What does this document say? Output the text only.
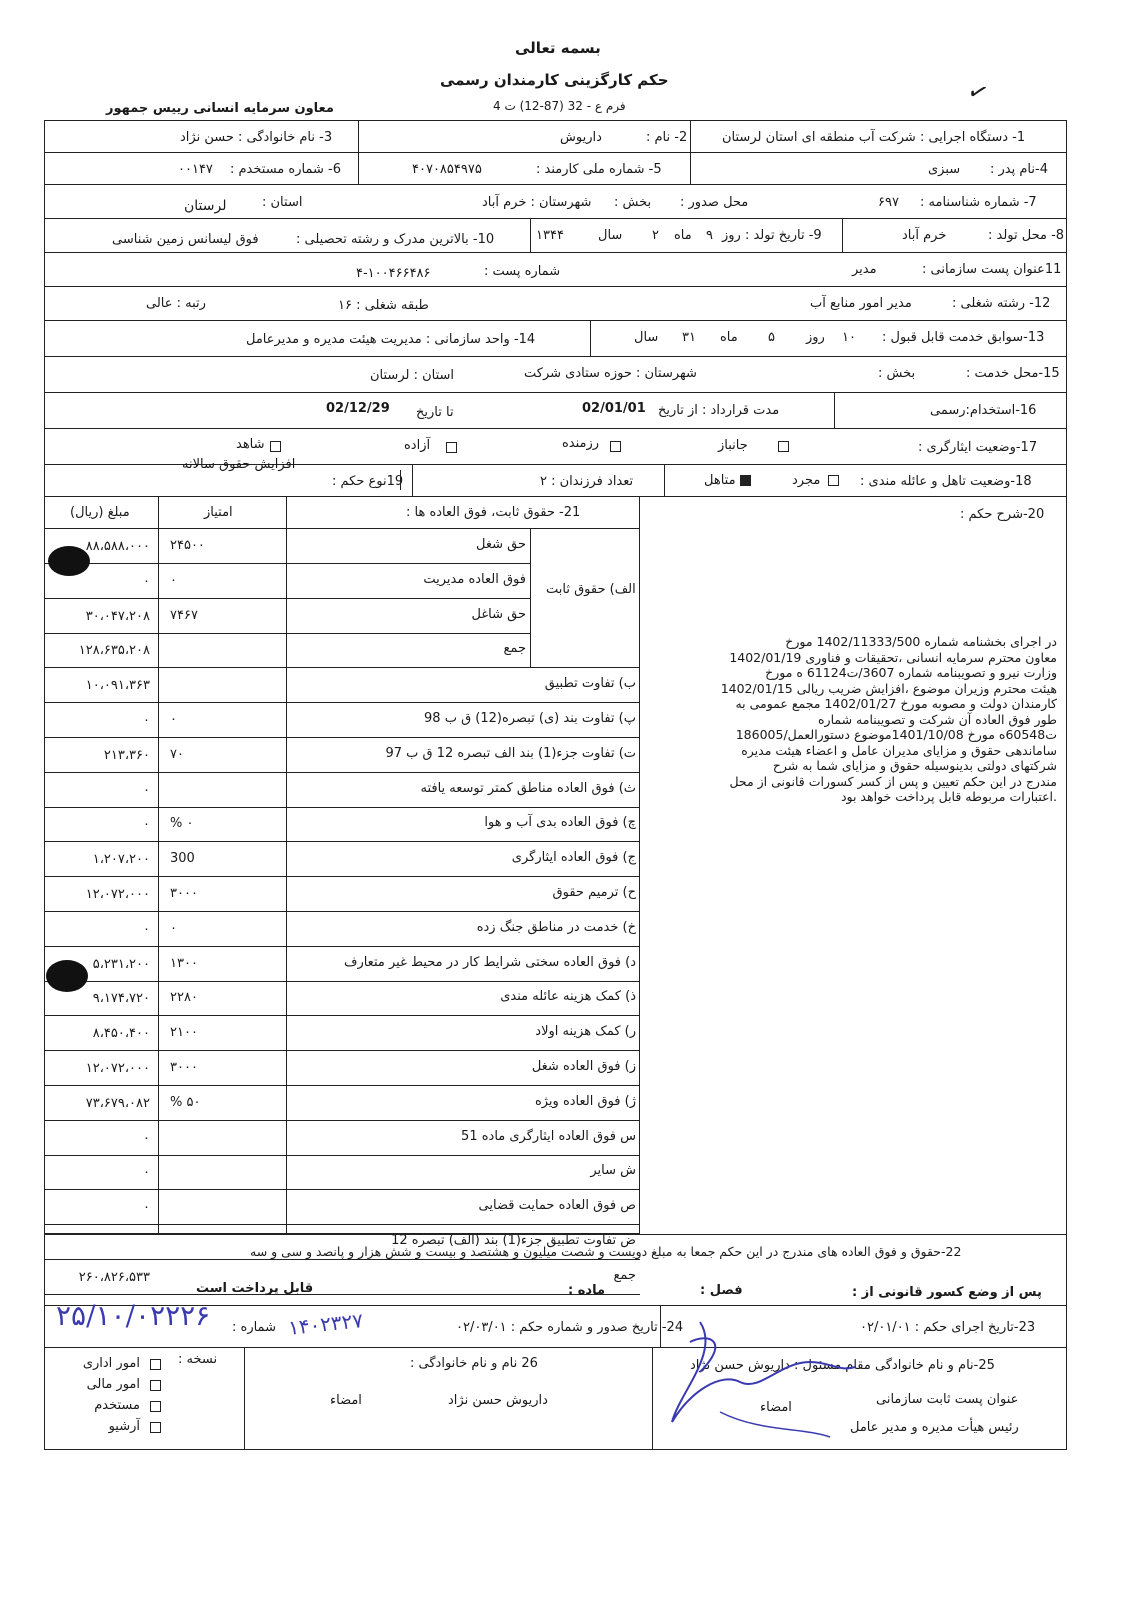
بسمه تعالی
حکم کارگزینی کارمندان رسمی
فرم ع - 32 (87-12) ت 4
معاون سرمایه انسانی رییس جمهور	✓
1- دستگاه اجرایی : شرکت آب منطقه ای استان لرستان
2- نام :
داریوش
3- نام خانوادگی : حسن نژاد
4-نام پدر :
سبزی
5- شماره ملی کارمند :
۴۰۷۰۸۵۴۹۷۵
6- شماره مستخدم :
۰۰۱۴۷
7- شماره شناسنامه :
۶۹۷
محل صدور :
بخش :
شهرستان : خرم آباد
استان :
لرستان
8- محل تولد :
خرم آباد
9- تاریخ تولد : روز
۹
ماه
۲
سال
۱۳۴۴
10- بالاترین مدرک و رشته تحصیلی :
فوق لیسانس زمین شناسی
11عنوان پست سازمانی :
مدیر
شماره پست :
۴-۱۰۰۴۶۶۴۸۶
12- رشته شغلی :
مدیر امور منابع آب
طبقه شغلی : ۱۶
رتبه : عالی
13-سوابق خدمت قابل قبول :
۱۰
روز
۵
ماه
۳۱
سال
14- واحد سازمانی : مدیریت هیئت مدیره و مدیرعامل
15-محل خدمت :
بخش :
شهرستان : حوزه ستادی شرکت
استان : لرستان
16-استخدام:رسمی
مدت قرارداد : از تاریخ
02/01/01
تا تاریخ
02/12/29
17-وضعیت ایثارگری :
جانباز
رزمنده
آزاده
شاهد
18-وضعیت تاهل و عائله مندی :
مجرد
متاهل
تعداد فرزندان : ۲
19نوع حکم :
افزایش حقوق سالانه
21- حقوق ثابت، فوق العاده ها :
امتیاز
مبلغ (ریال)
الف) حقوق ثابت
حق شغل
۲۴۵۰۰
۸۸،۵۸۸،۰۰۰
فوق العاده مدیریت
۰
۰
حق شاغل
۷۴۶۷
۳۰،۰۴۷،۲۰۸
جمع
۱۲۸،۶۳۵،۲۰۸
ب) تفاوت تطبیق
۱۰،۰۹۱،۳۶۳
پ) تفاوت بند (ی) تبصره(12) ق ب 98
۰
۰
ت) تفاوت جزء(1) بند الف تبصره 12 ق ب 97
۷۰
۲۱۳،۳۶۰
ث) فوق العاده مناطق کمتر توسعه یافته
۰
چ) فوق العاده بدی آب و هوا
% ۰
۰
ج) فوق العاده ایثارگری
300
۱،۲۰۷،۲۰۰
ح) ترمیم حقوق
۳۰۰۰
۱۲،۰۷۲،۰۰۰
خ) خدمت در مناطق جنگ زده
۰
۰
د) فوق العاده سختی شرایط کار در محیط غیر متعارف
۱۳۰۰
۵،۲۳۱،۲۰۰
ذ) کمک هزینه عائله مندی
۲۲۸۰
۹،۱۷۴،۷۲۰
ر) کمک هزینه اولاد
۲۱۰۰
۸،۴۵۰،۴۰۰
ز) فوق العاده شغل
۳۰۰۰
۱۲،۰۷۲،۰۰۰
ژ) فوق العاده ویژه
% ۵۰
۷۳،۶۷۹،۰۸۲
س فوق العاده ایثارگری ماده 51
۰
ش سایر
۰
ص فوق العاده حمایت قضایی
۰
ض تفاوت تطبیق جزء(1) بند (الف) تبصره 12
جمع
۲۶۰،۸۲۶،۵۳۳
20-شرح حکم :
در اجرای بخشنامه شماره 1402/11333/500 مورخ
معاون محترم سرمایه انسانی ،تحقیقات و فناوری 1402/01/19
وزارت نیرو و تصویبنامه شماره 3607/ت61124 ه مورخ
هیئت محترم وزیران موضوع ،افزایش ضریب ریالی 1402/01/15
کارمندان دولت و مصوبه مورخ 1402/01/27 مجمع عمومی به
طور فوق العاده آن شرکت و تصویبنامه شماره
ت60548ه مورخ 1401/10/08موضوع دستورالعمل/186005
ساماندهی حقوق و مزایای مدیران عامل و اعضاء هیئت مدیره
شرکتهای دولتی بدینوسیله حقوق و مزایای شما به شرح
مندرج در این حکم تعیین و پس از کسر کسورات قانونی از محل
.اعتبارات مربوطه قابل پرداخت خواهد بود
22-حقوق و فوق العاده های مندرج در این حکم جمعا به مبلغ دویست و شصت میلیون و هشتصد و بیست و شش هزار و پانصد و سی و سه
پس از وضع کسور قانونی از :
فصل :
ماده :
قابل پرداخت است
23-تاریخ اجرای حکم : ۰۲/۰۱/۰۱
24- تاریخ صدور و شماره حکم : ۰۲/۰۳/۰۱
شماره : ۱۴۰۲۳۲۷
۲۵/۱۰/۰۲۲۲۶
25-نام و نام خانوادگی مقام مسئول : داریوش حسن نژاد
عنوان پست ثابت سازمانی
رئیس هیأت مدیره و مدیر عامل
امضاء
26 نام و نام خانوادگی :
داریوش حسن نژاد
امضاء
نسخه :
امور اداری
امور مالی
مستخدم
آرشیو
